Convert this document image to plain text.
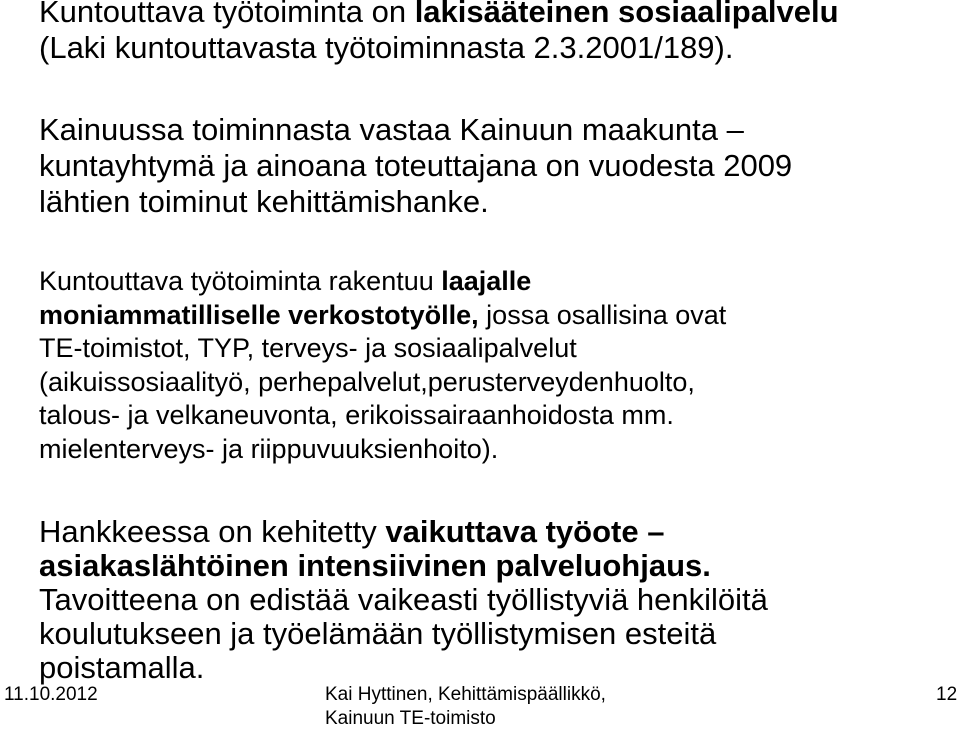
Kuntouttava työtoiminta on lakisääteinen sosiaalipalvelu
(Laki kuntouttavasta työtoiminnasta 2.3.2001/189).

Kainuussa toiminnasta vastaa Kainuun maakunta –
kuntayhtymä ja ainoana toteuttajana on vuodesta 2009
lähtien toiminut kehittämishanke.

Kuntouttava työtoiminta rakentuu laajalle
moniammatilliselle verkostotyölle, jossa osallisina ovat
TE-toimistot, TYP, terveys- ja sosiaalipalvelut
(aikuissosiaalityö, perhepalvelut,perusterveydenhuolto,
talous- ja velkaneuvonta, erikoissairaanhoidosta mm.
mielenterveys- ja riippuvuuksienhoito).

Hankkeessa on kehitetty vaikuttava työote –
asiakaslähtöinen intensiivinen palveluohjaus.
Tavoitteena on edistää vaikeasti työllistyviä henkilöitä
koulutukseen ja työelämään työllistymisen esteitä
poistamalla.

11.10.2012	Kai Hyttinen, Kehittämispäällikkö,
Kainuun TE-toimisto
12
